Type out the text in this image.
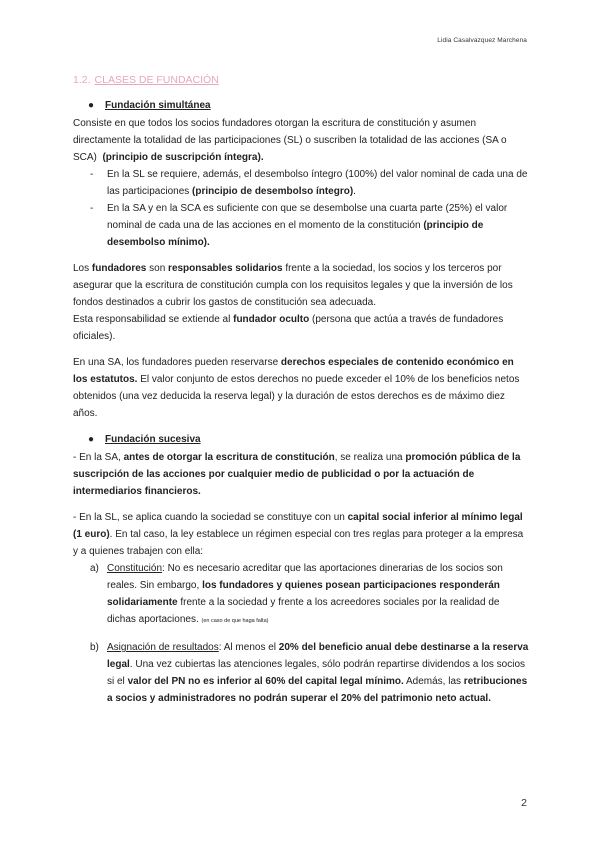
Lidia Casalvazquez Marchena
1.2. CLASES DE FUNDACIÓN
● Fundación simultánea

Consiste en que todos los socios fundadores otorgan la escritura de constitución y asumen directamente la totalidad de las participaciones (SL) o suscriben la totalidad de las acciones (SA o SCA) (principio de suscripción íntegra).

- En la SL se requiere, además, el desembolso íntegro (100%) del valor nominal de cada una de las participaciones (principio de desembolso íntegro).
- En la SA y en la SCA es suficiente con que se desembolse una cuarta parte (25%) el valor nominal de cada una de las acciones en el momento de la constitución (principio de desembolso mínimo).

Los fundadores son responsables solidarios frente a la sociedad, los socios y los terceros por asegurar que la escritura de constitución cumpla con los requisitos legales y que la inversión de los fondos destinados a cubrir los gastos de constitución sea adecuada.

Esta responsabilidad se extiende al fundador oculto (persona que actúa a través de fundadores oficiales).

En una SA, los fundadores pueden reservarse derechos especiales de contenido económico en los estatutos. El valor conjunto de estos derechos no puede exceder el 10% de los beneficios netos obtenidos (una vez deducida la reserva legal) y la duración de estos derechos es de máximo diez años.

● Fundación sucesiva

- En la SA, antes de otorgar la escritura de constitución, se realiza una promoción pública de la suscripción de las acciones por cualquier medio de publicidad o por la actuación de intermediarios financieros.

- En la SL, se aplica cuando la sociedad se constituye con un capital social inferior al mínimo legal (1 euro). En tal caso, la ley establece un régimen especial con tres reglas para proteger a la empresa y a quienes trabajen con ella:

a) Constitución: No es necesario acreditar que las aportaciones dinerarias de los socios son reales. Sin embargo, los fundadores y quienes posean participaciones responderán solidariamente frente a la sociedad y frente a los acreedores sociales por la realidad de dichas aportaciones. (en caso de que haga falta)
b) Asignación de resultados: Al menos el 20% del beneficio anual debe destinarse a la reserva legal. Una vez cubiertas las atenciones legales, sólo podrán repartirse dividendos a los socios si el valor del PN no es inferior al 60% del capital legal mínimo. Además, las retribuciones a socios y administradores no podrán superar el 20% del patrimonio neto actual.
2
